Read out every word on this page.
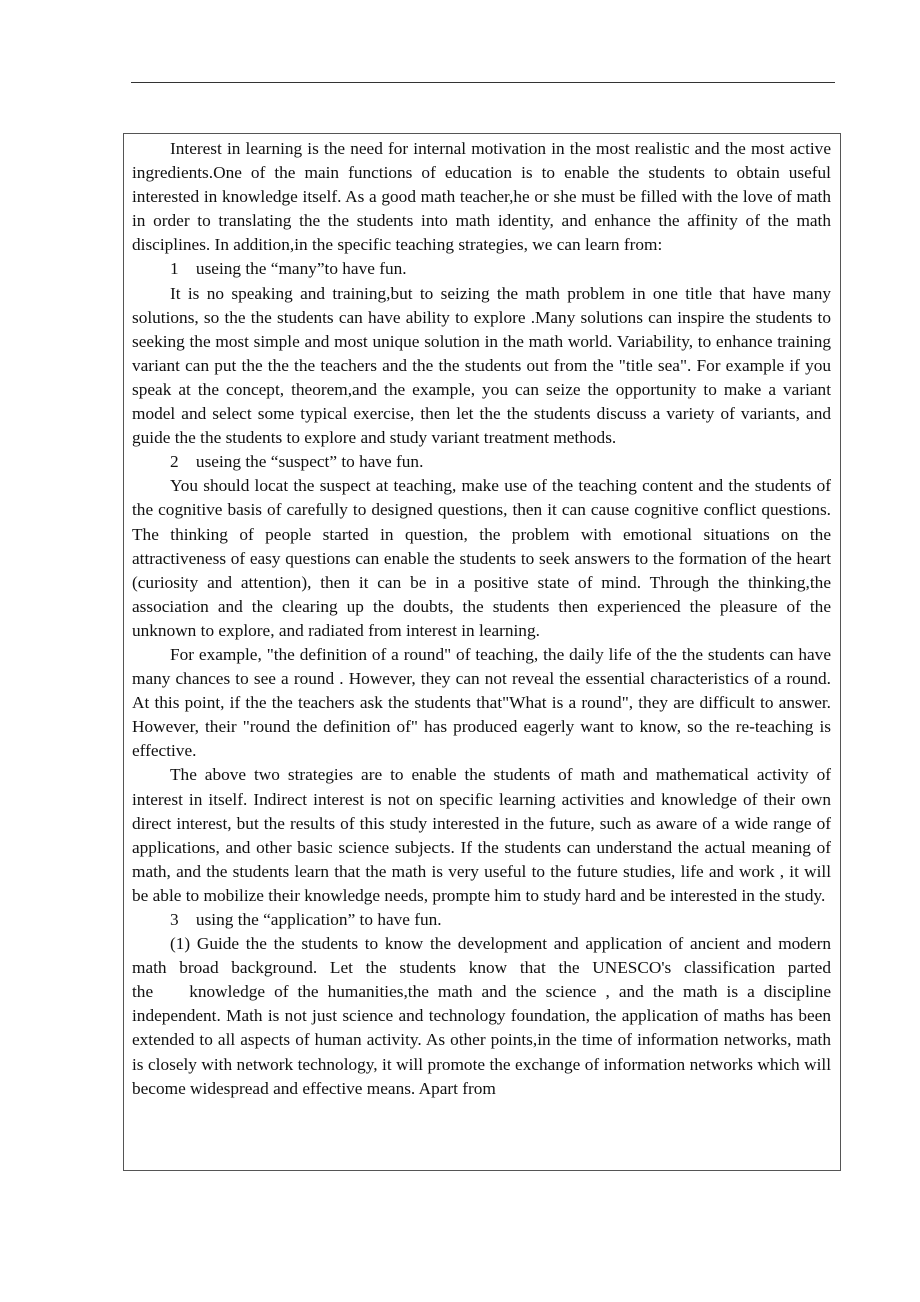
Interest in learning is the need for internal motivation in the most realistic and the most active ingredients.One of the main functions of education is to enable the students to obtain useful interested in knowledge itself. As a good math teacher,he or she must be filled with the love of math in order to translating the the students into math identity, and enhance the affinity of the math disciplines. In addition,in the specific teaching strategies, we can learn from:

1    useing the “many”to have fun.

It is no speaking and training,but to seizing the math problem in one title that have many solutions, so the the students can have ability to explore .Many solutions can inspire the students to seeking the most simple and most unique solution in the math world. Variability, to enhance training variant can put the the the teachers and the the students out from the "title sea". For example if you speak at the concept, theorem,and the example, you can seize the opportunity to make a variant model and select some typical exercise, then let the the students discuss a variety of variants, and guide the the students to explore and study variant treatment methods.

2    useing the “suspect” to have fun.

You should locat the suspect at teaching, make use of the teaching content and the students of the cognitive basis of carefully to designed questions, then it can cause cognitive conflict questions. The thinking of people started in question, the problem with emotional situations on the attractiveness of easy questions can enable the students to seek answers to the formation of the heart (curiosity and attention), then it can be in a positive state of mind. Through the thinking,the association and the clearing up the doubts, the students then experienced the pleasure of the unknown to explore, and radiated from interest in learning.

For example, "the definition of a round" of teaching, the daily life of the the students can have many chances to see a round . However, they can not reveal the essential characteristics of a round. At this point, if the the teachers ask the students that"What is a round", they are difficult to answer. However, their "round the definition of" has produced eagerly want to know, so the re-teaching is effective.

The above two strategies are to enable the students of math and mathematical activity of interest in itself. Indirect interest is not on specific learning activities and knowledge of their own direct interest, but the results of this study interested in the future, such as aware of a wide range of applications, and other basic science subjects. If the students can understand the actual meaning of math, and the students learn that the math is very useful to the future studies, life and work , it will be able to mobilize their knowledge needs, prompte him to study hard and be interested in the study.

3    using the “application” to have fun.

(1) Guide the the students to know the development and application of ancient and modern math broad background. Let the students know that the UNESCO's classification parted the    knowledge of the humanities,the math and the science , and the math is a discipline independent. Math is not just science and technology foundation, the application of maths has been extended to all aspects of human activity. As other points,in the time of information networks, math is closely with network technology, it will promote the exchange of information networks which will become widespread and effective means. Apart from
